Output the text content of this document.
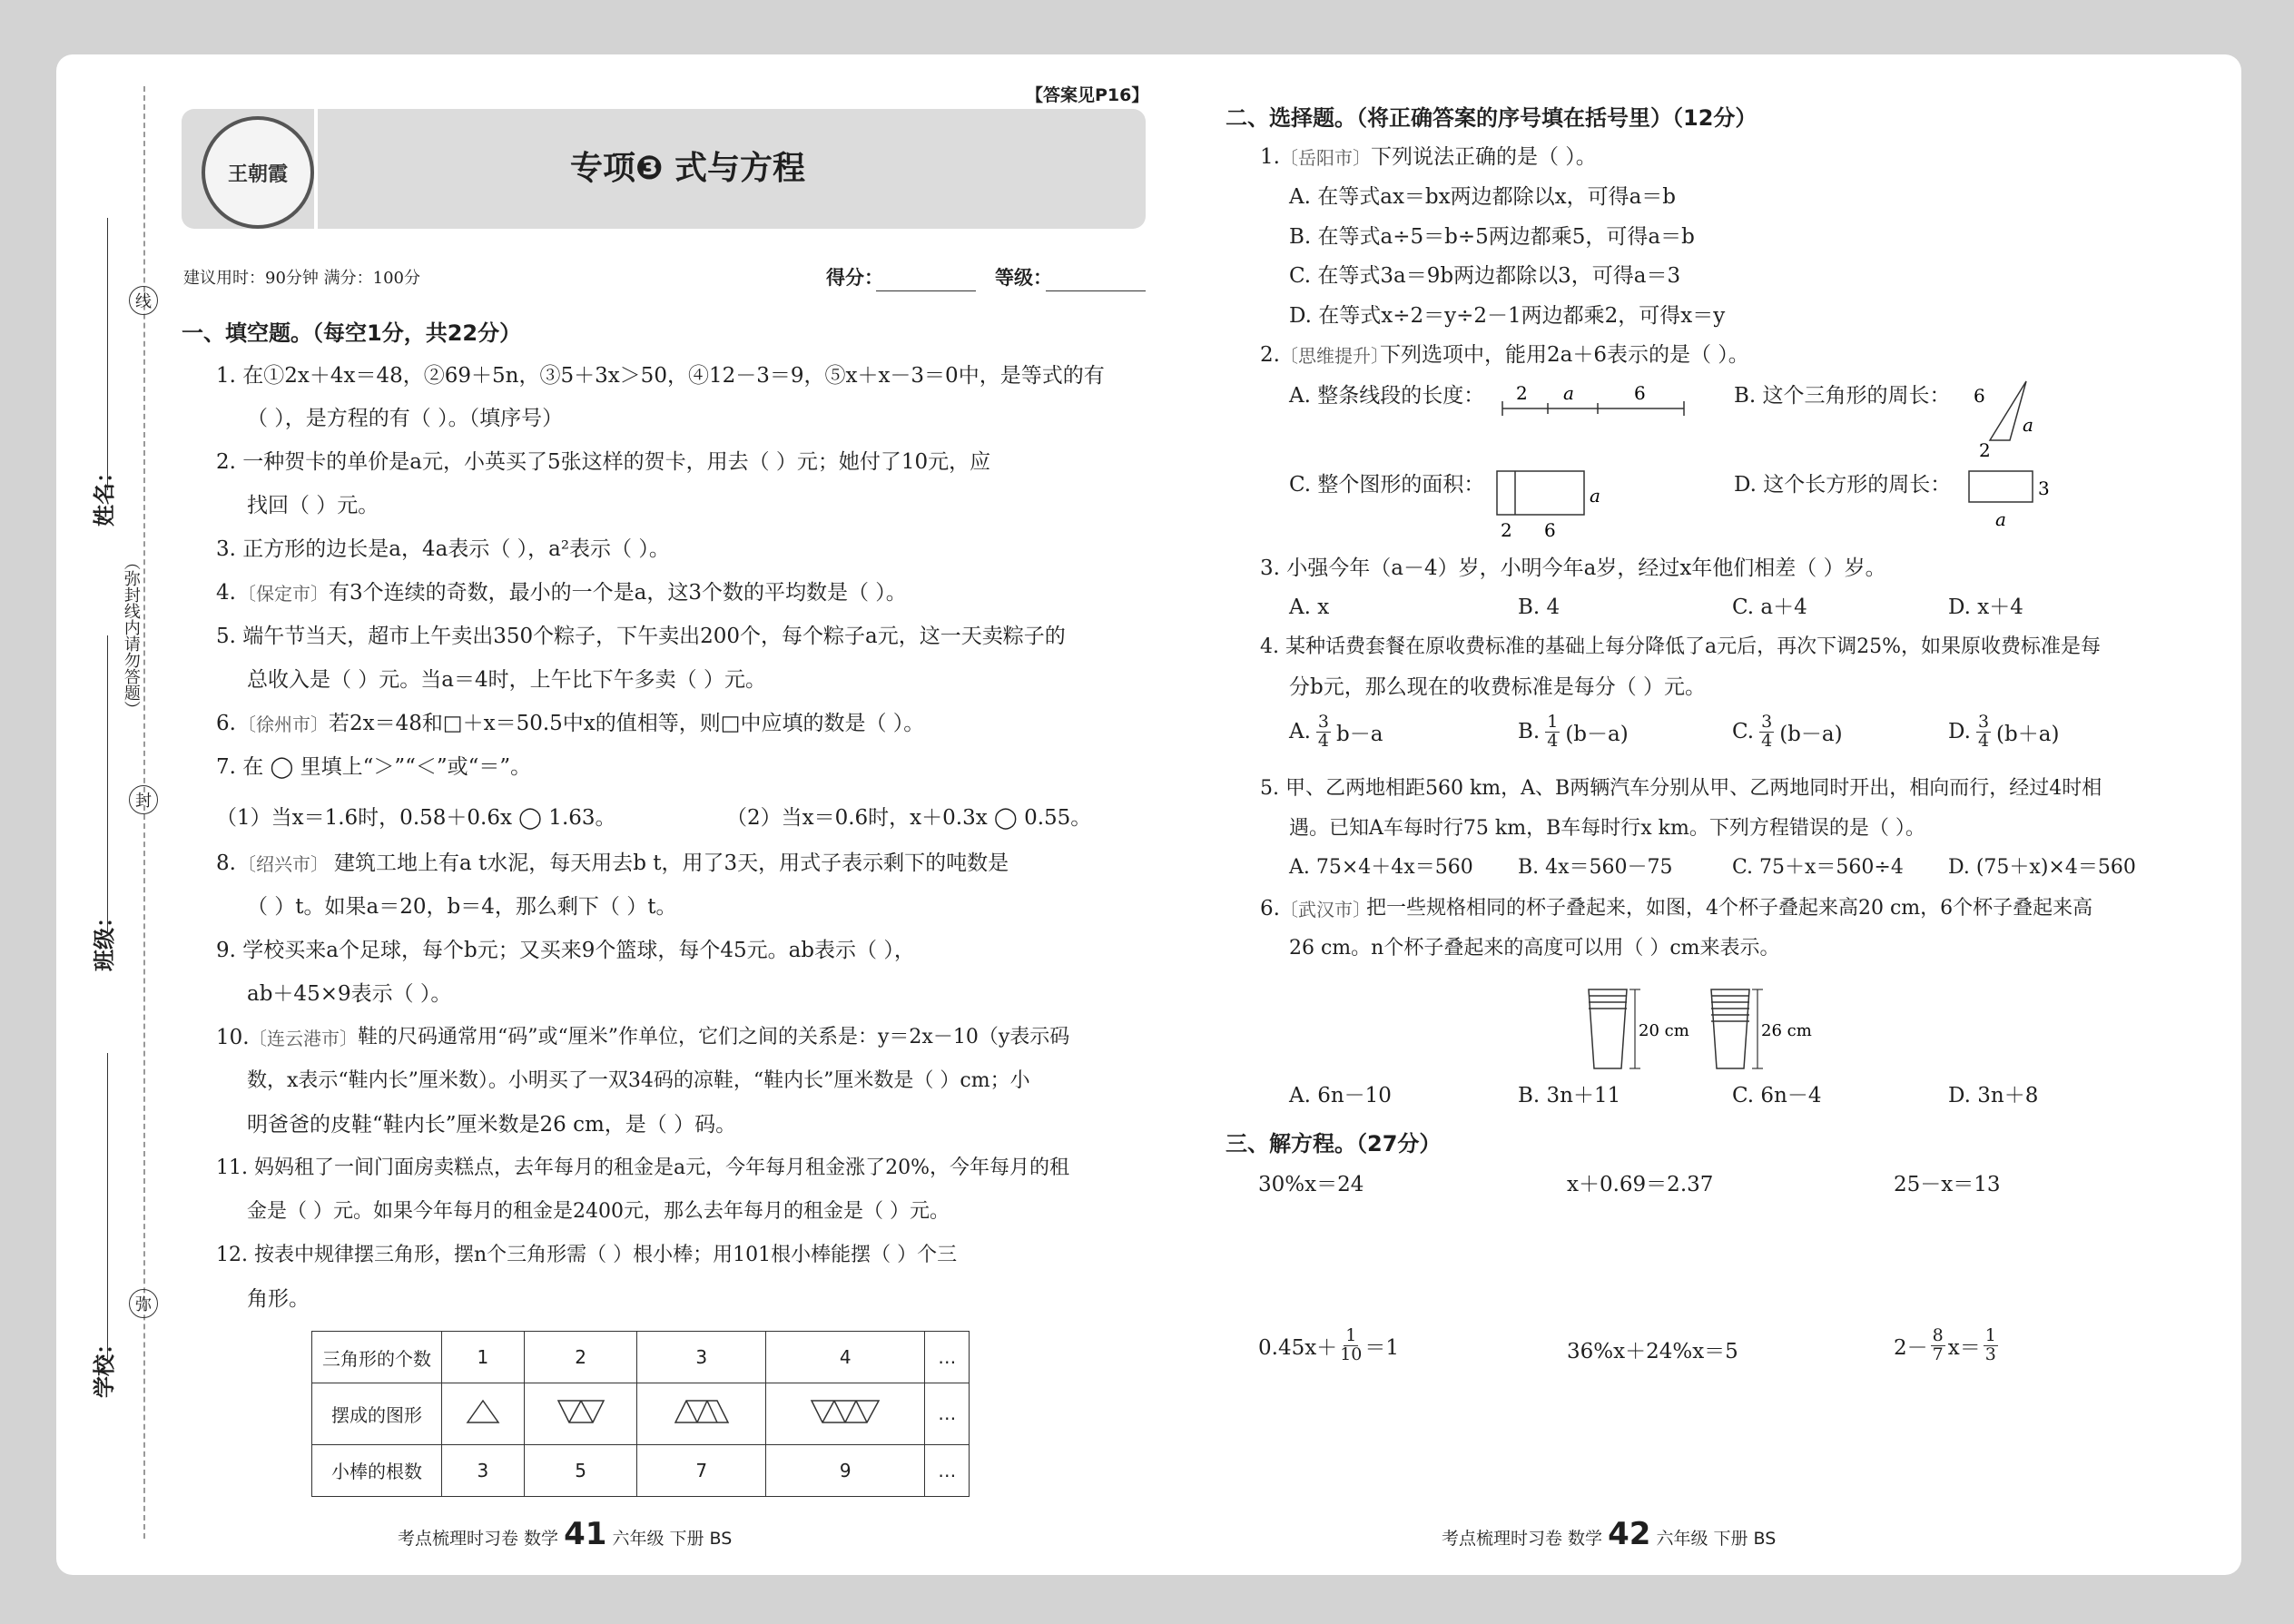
姓名：
班级：
学校：
（弥封线内请勿答题）
线
封
弥
【答案见P16】
王朝霞	专项❸ 式与方程
建议用时：90分钟 满分：100分	得分：	等级：
一、填空题。（每空1分，共22分）
1. 在①2x＋4x＝48，②69＋5n，③5＋3x＞50，④12－3＝9，⑤x＋x－3＝0中，是等式的有
（ ），是方程的有（ ）。（填序号）
2. 一种贺卡的单价是a元，小英买了5张这样的贺卡，用去（ ）元；她付了10元，应
找回（ ）元。
3. 正方形的边长是a，4a表示（ ），a²表示（ ）。
4. 〔保定市〕 有3个连续的奇数，最小的一个是a，这3个数的平均数是（ ）。
5. 端午节当天，超市上午卖出350个粽子，下午卖出200个，每个粽子a元，这一天卖粽子的
总收入是（ ）元。当a＝4时，上午比下午多卖（ ）元。
6. 〔徐州市〕 若2x＝48和□＋x＝50.5中x的值相等，则□中应填的数是（ ）。
7. 在 ◯ 里填上“＞”“＜”或“＝”。
（1）当x＝1.6时，0.58＋0.6x ◯ 1.63。	（2）当x＝0.6时，x＋0.3x ◯ 0.55。
8. 〔绍兴市〕 建筑工地上有a t水泥，每天用去b t，用了3天，用式子表示剩下的吨数是
（ ）t。如果a＝20，b＝4，那么剩下（ ）t。
9. 学校买来a个足球，每个b元；又买来9个篮球，每个45元。ab表示（ ），
ab＋45×9表示（ ）。
10. 〔连云港市〕 鞋的尺码通常用“码”或“厘米”作单位，它们之间的关系是：y＝2x－10（y表示码
数，x表示“鞋内长”厘米数）。小明买了一双34码的凉鞋，“鞋内长”厘米数是（ ）cm；小
明爸爸的皮鞋“鞋内长”厘米数是26 cm，是（ ）码。
11. 妈妈租了一间门面房卖糕点，去年每月的租金是a元，今年每月租金涨了20%，今年每月的租
金是（ ）元。如果今年每月的租金是2400元，那么去年每月的租金是（ ）元。
12. 按表中规律摆三角形，摆n个三角形需（ ）根小棒；用101根小棒能摆（ ）个三
角形。
三角形的个数	1	2	3	4	…
摆成的图形					…
小棒的根数	3	5	7	9	…
考点梳理时习卷 数学 41 六年级 下册 BS
二、选择题。（将正确答案的序号填在括号里）（12分）
1. 〔岳阳市〕 下列说法正确的是（ ）。
A. 在等式ax＝bx两边都除以x，可得a＝b
B. 在等式a÷5＝b÷5两边都乘5，可得a＝b
C. 在等式3a＝9b两边都除以3，可得a＝3
D. 在等式x÷2＝y÷2－1两边都乘2，可得x＝y
2. 〔思维提升〕
下列选项中，能用2a＋6表示的是（ ）。
A. 整条线段的长度： 2 a	6	B. 这个三角形的周长： 6
2
a
C. 整个图形的面积：
2 6
a	D. 这个长方形的周长：	3
a
3. 小强今年（a－4）岁，小明今年a岁，经过x年他们相差（ ）岁。
A. x	B. 4	C. a＋4	D. x＋4
4. 某种话费套餐在原收费标准的基础上每分降低了a元后，再次下调25%，如果原收费标准是每
分b元，那么现在的收费标准是每分（ ）元。
A. $\frac{3}{4} b-a$	B. $\frac{1}{4} (b-a)$	C. $\frac{3}{4} (b-a)$	D. $\frac{3}{4} (b+a)$
5. 甲、乙两地相距560 km，A、B两辆汽车分别从甲、乙两地同时开出，相向而行，经过4时相
遇。已知A车每时行75 km，B车每时行x km。下列方程错误的是（ ）。
A. 75×4＋4x＝560 B. 4x＝560－75	C. 75＋x＝560÷4 D. (75＋x)×4＝560
6. 〔武汉市〕
把一些规格相同的杯子叠起来，如图，4个杯子叠起来高20 cm，6个杯子叠起来高
26 cm。n个杯子叠起来的高度可以用（ ）cm来表示。
20 cm	26 cm
A. 6n－10	B. 3n＋11	C. 6n－4	D. 3n＋8
三、解方程。（27分）
30%x＝24	x＋0.69＝2.37	25－x＝13
$0.45x+ \frac{1}{10} =1$	36%x＋24%x＝5	$2- \frac{8}{7} x= \frac{1}{3}$
考点梳理时习卷 数学 42 六年级 下册 BS
